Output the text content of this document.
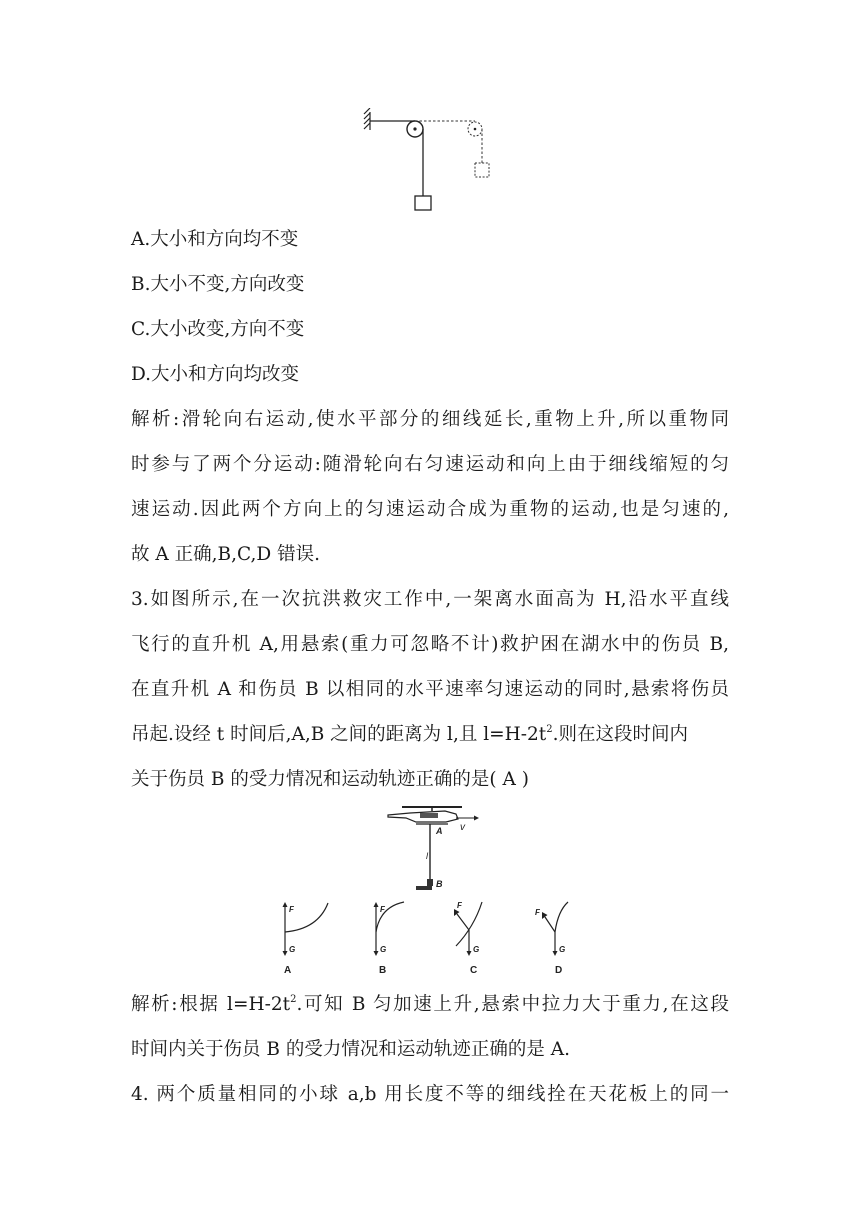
A.大小和方向均不变
B.大小不变,方向改变
C.大小改变,方向不变
D.大小和方向均改变
解析:滑轮向右运动,使水平部分的细线延长,重物上升,所以重物同
时参与了两个分运动:随滑轮向右匀速运动和向上由于细线缩短的匀
速运动.因此两个方向上的匀速运动合成为重物的运动,也是匀速的,
故 A 正确,B,C,D 错误.
3.如图所示,在一次抗洪救灾工作中,一架离水面高为 H,沿水平直线
飞行的直升机 A,用悬索(重力可忽略不计)救护困在湖水中的伤员 B,
在直升机 A 和伤员 B 以相同的水平速率匀速运动的同时,悬索将伤员
吊起.设经 t 时间后,A,B 之间的距离为 l,且 $l=H-2t^2$.则在这段时间内
关于伤员 B 的受力情况和运动轨迹正确的是( A )
A v
l
B
F
G
A
F
G
B
F
G
C
F
G
D
解析:根据 $l=H-2t^2$.可知 B 匀加速上升,悬索中拉力大于重力,在这段
时间内关于伤员 B 的受力情况和运动轨迹正确的是 A.
4. 两个质量相同的小球 a,b 用长度不等的细线拴在天花板上的同一
